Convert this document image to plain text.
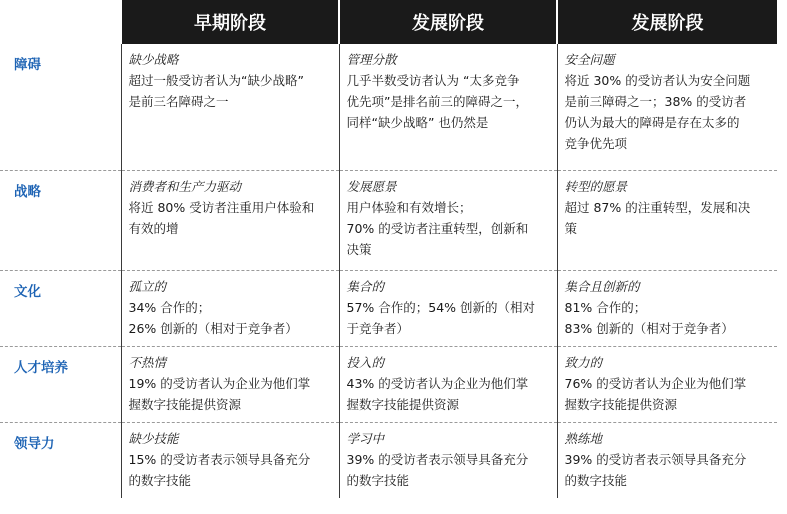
	早期阶段	发展阶段	发展阶段
障碍	缺少战略
超过一般受访者认为“缺少战略”
是前三名障碍之一	管理分散
几乎半数受访者认为 “太多竞争
优先项”是排名前三的障碍之一，
同样“缺少战略” 也仍然是	安全问题
将近 30% 的受访者认为安全问题
是前三障碍之一；38% 的受访者
仍认为最大的障碍是存在太多的
竞争优先项

战略	消费者和生产力驱动
将近 80% 受访者注重用户体验和
有效的增	发展愿景
用户体验和有效增长；
70% 的受访者注重转型，创新和
决策	转型的愿景
超过 87% 的注重转型，发展和决
策

文化	孤立的
34% 合作的；
26% 创新的（相对于竞争者）	集合的
57% 合作的；54% 创新的（相对
于竞争者）	集合且创新的
81% 合作的；
83% 创新的（相对于竞争者）

人才培养	不热情
19% 的受访者认为企业为他们掌
握数字技能提供资源	投入的
43% 的受访者认为企业为他们掌
握数字技能提供资源	致力的
76% 的受访者认为企业为他们掌
握数字技能提供资源

领导力	缺少技能
15% 的受访者表示领导具备充分
的数字技能	学习中
39% 的受访者表示领导具备充分
的数字技能	熟练地
39% 的受访者表示领导具备充分
的数字技能
